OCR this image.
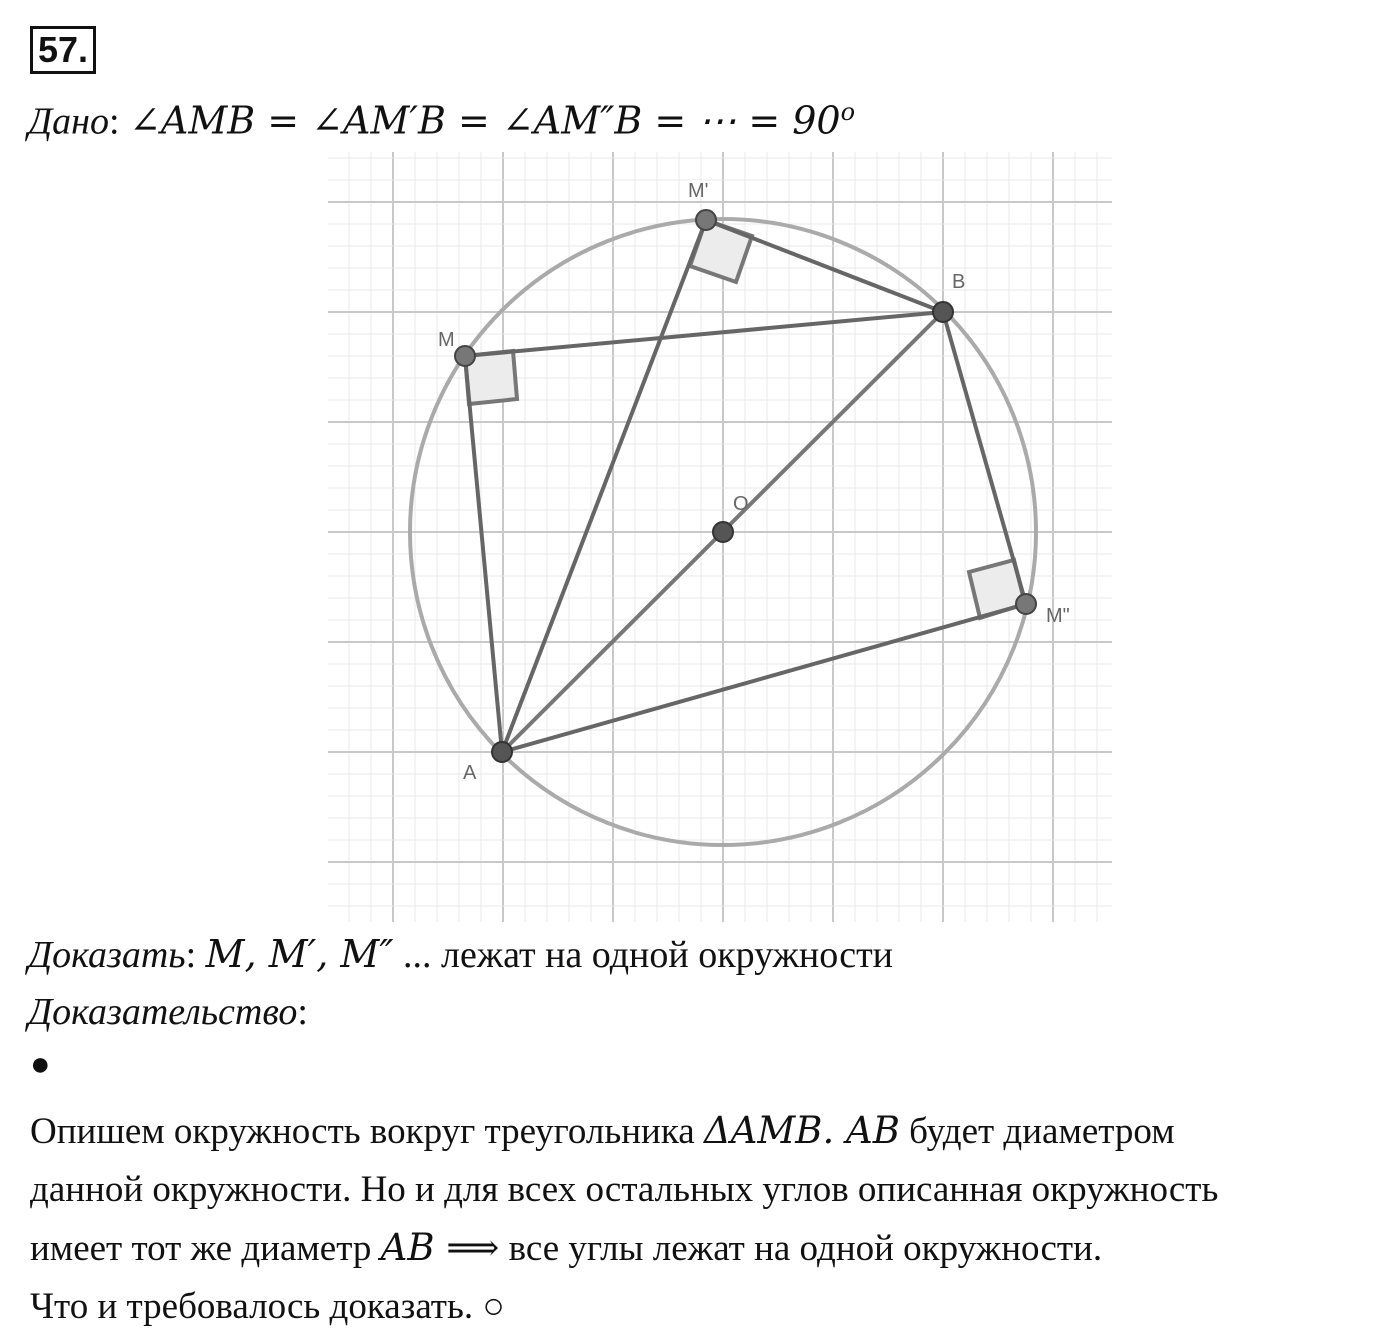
57.
Дано: ∠AMB = ∠AM′B = ∠AM″B = ⋯ = $90^o$
A
B
O
M
M'
M"
Доказать: M, M′, M″ ... лежат на одной окружности
Доказательство:
●
Опишем окружность вокруг треугольника ΔAMB. AB будет диаметром
данной окружности. Но и для всех остальных углов описанная окружность
имеет тот же диаметр AB ⟹ все углы лежат на одной окружности.
Что и требовалось доказать. ○
